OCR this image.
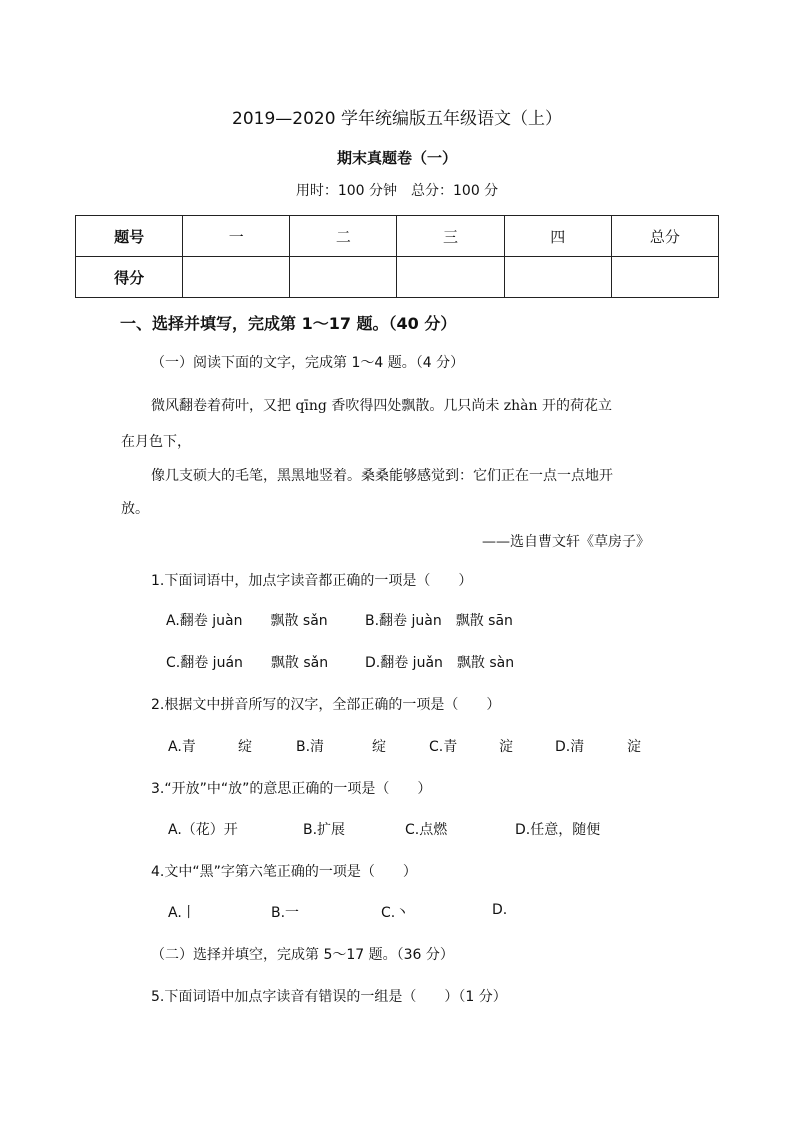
2019—2020 学年统编版五年级语文（上）
期末真题卷（一）
用时：100 分钟　总分：100 分
题号	一	二	三	四	总分
得分					
一、选择并填写，完成第 1～17 题。（40 分）
（一）阅读下面的文字，完成第 1～4 题。（4 分）
微风翻卷着荷叶，又把 qīng 香吹得四处飘散。几只尚未 zhàn 开的荷花立
在月色下，
像几支硕大的毛笔，黑黑地竖着。桑桑能够感觉到：它们正在一点一点地开
放。
——选自曹文轩《草房子》
1.下面词语中，加点字读音都正确的一项是（　　）
A.翻卷 juàn　　飘散 sǎn	B.翻卷 juàn　飘散 sān
C.翻卷 juán　　飘散 sǎn	D.翻卷 juǎn　飘散 sàn
2.根据文中拼音所写的汉字，全部正确的一项是（　　）
A.青	绽	B.清	绽	C.青	淀	D.清	淀
3.“开放”中“放”的意思正确的一项是（　　）
A.（花）开	B.扩展	C.点燃	D.任意，随便
4.文中“黑”字第六笔正确的一项是（　　）
A.丨	B.一	C.丶	D.
（二）选择并填空，完成第 5～17 题。（36 分）
5.下面词语中加点字读音有错误的一组是（　　）（1 分）
